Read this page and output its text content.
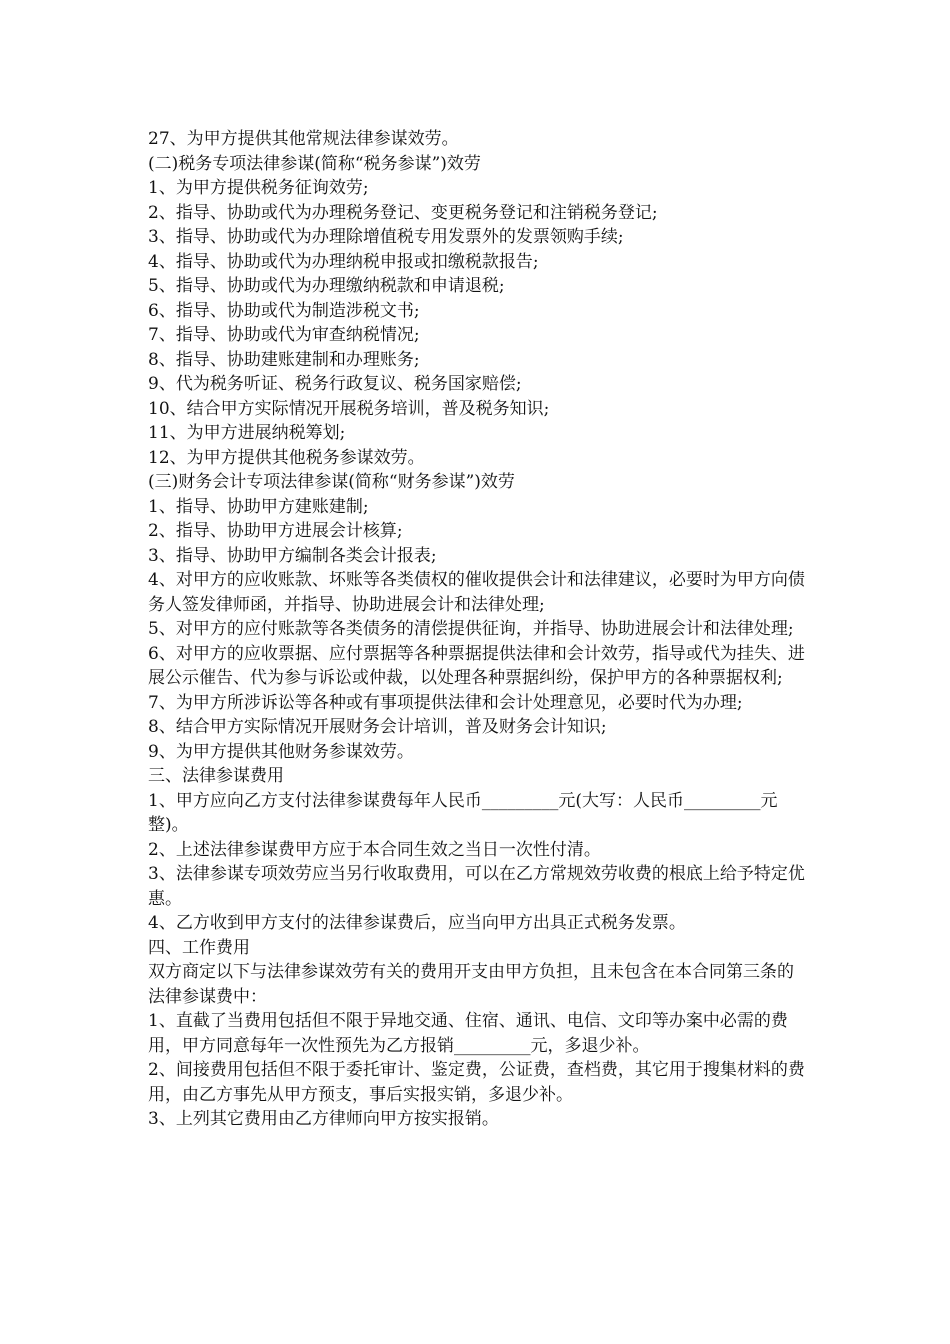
27、为甲方提供其他常规法律参谋效劳。

(二)税务专项法律参谋(简称“税务参谋”)效劳

1、为甲方提供税务征询效劳;

2、指导、协助或代为办理税务登记、变更税务登记和注销税务登记;

3、指导、协助或代为办理除增值税专用发票外的发票领购手续;

4、指导、协助或代为办理纳税申报或扣缴税款报告;

5、指导、协助或代为办理缴纳税款和申请退税;

6、指导、协助或代为制造涉税文书;

7、指导、协助或代为审查纳税情况;

8、指导、协助建账建制和办理账务;

9、代为税务听证、税务行政复议、税务国家赔偿;

10、结合甲方实际情况开展税务培训，普及税务知识;

11、为甲方进展纳税筹划;

12、为甲方提供其他税务参谋效劳。

(三)财务会计专项法律参谋(简称“财务参谋”)效劳

1、指导、协助甲方建账建制;

2、指导、协助甲方进展会计核算;

3、指导、协助甲方编制各类会计报表;

4、对甲方的应收账款、坏账等各类债权的催收提供会计和法律建议，必要时为甲方向债务人签发律师函，并指导、协助进展会计和法律处理;

5、对甲方的应付账款等各类债务的清偿提供征询，并指导、协助进展会计和法律处理;

6、对甲方的应收票据、应付票据等各种票据提供法律和会计效劳，指导或代为挂失、进展公示催告、代为参与诉讼或仲裁，以处理各种票据纠纷，保护甲方的各种票据权利;

7、为甲方所涉诉讼等各种或有事项提供法律和会计处理意见，必要时代为办理;

8、结合甲方实际情况开展财务会计培训，普及财务会计知识;

9、为甲方提供其他财务参谋效劳。

三、法律参谋费用

1、甲方应向乙方支付法律参谋费每年人民币_________元(大写：人民币_________元整)。

2、上述法律参谋费甲方应于本合同生效之当日一次性付清。

3、法律参谋专项效劳应当另行收取费用，可以在乙方常规效劳收费的根底上给予特定优惠。

4、乙方收到甲方支付的法律参谋费后，应当向甲方出具正式税务发票。

四、工作费用

双方商定以下与法律参谋效劳有关的费用开支由甲方负担，且未包含在本合同第三条的法律参谋费中：

1、直截了当费用包括但不限于异地交通、住宿、通讯、电信、文印等办案中必需的费用，甲方同意每年一次性预先为乙方报销_________元，多退少补。

2、间接费用包括但不限于委托审计、鉴定费，公证费，查档费，其它用于搜集材料的费用，由乙方事先从甲方预支，事后实报实销，多退少补。

3、上列其它费用由乙方律师向甲方按实报销。
